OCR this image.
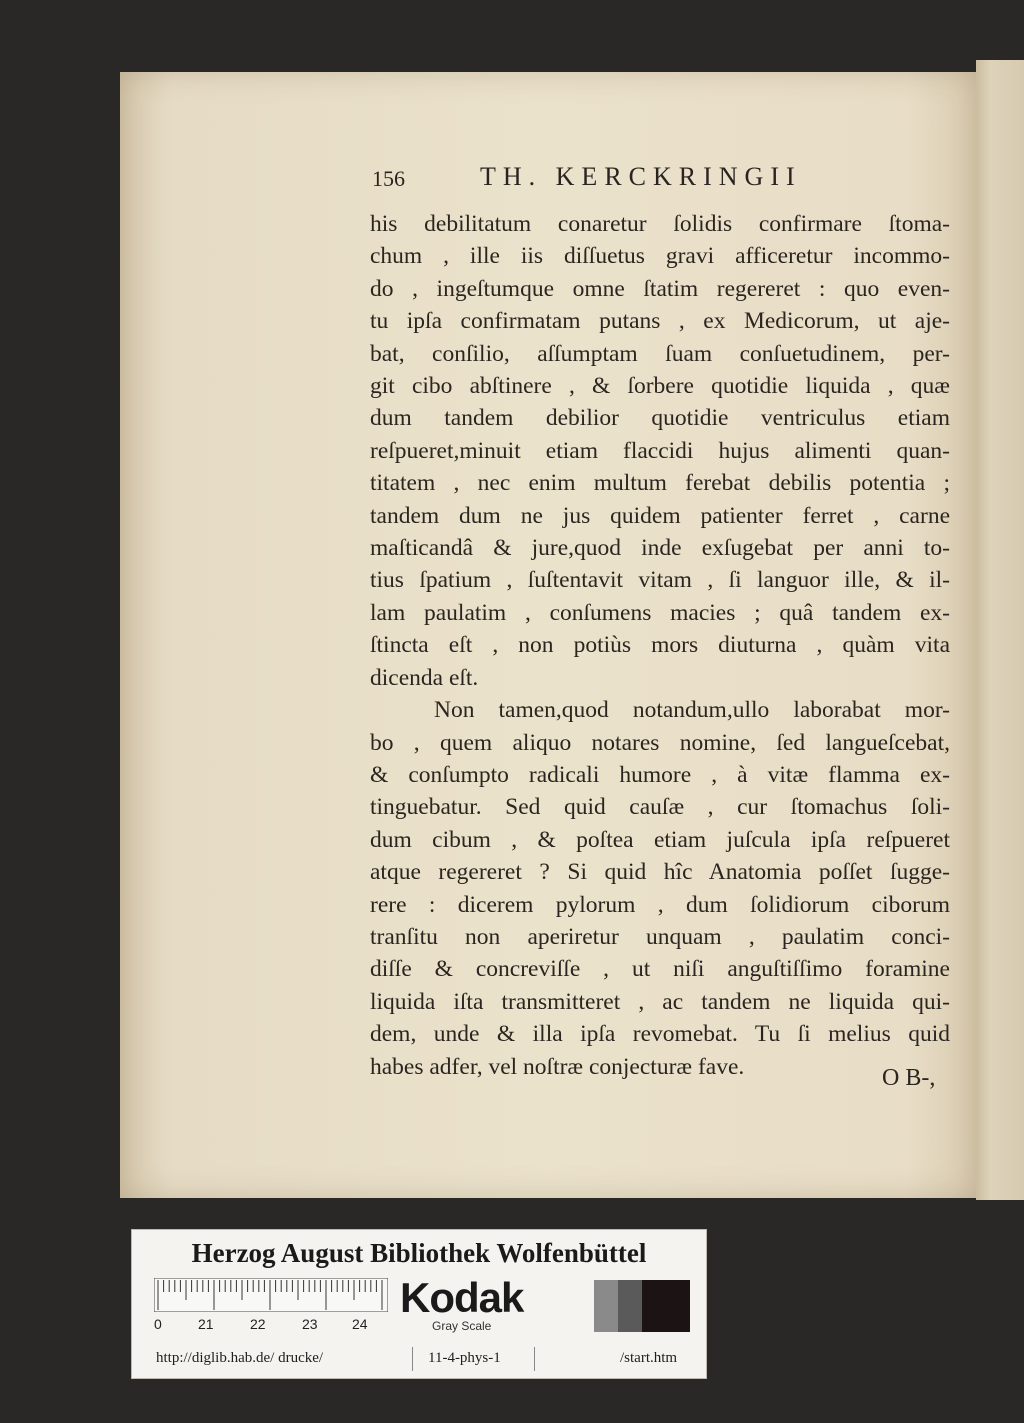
156	TH. KERCKRINGII
his debilitatum conaretur ſolidis confirmare ſtoma-
chum , ille iis diſſuetus gravi afficeretur incommo-
do , ingeſtumque omne ſtatim regereret : quo even-
tu ipſa confirmatam putans , ex Medicorum, ut aje-
bat, conſilio, aſſumptam ſuam conſuetudinem, per-
git cibo abſtinere , & ſorbere quotidie liquida , quæ
dum tandem debilior quotidie ventriculus etiam
reſpueret,minuit etiam flaccidi hujus alimenti quan-
titatem , nec enim multum ferebat debilis potentia ;
tandem dum ne jus quidem patienter ferret , carne
maſticandâ & jure,quod inde exſugebat per anni to-
tius ſpatium , ſuſtentavit vitam , ſi languor ille, & il-
lam paulatim , conſumens macies ; quâ tandem ex-
ſtincta eſt , non potiùs mors diuturna , quàm vita
dicenda eſt.
Non tamen,quod notandum,ullo laborabat mor-
bo , quem aliquo notares nomine, ſed langueſcebat,
& conſumpto radicali humore , à vitæ flamma ex-
tinguebatur. Sed quid cauſæ , cur ſtomachus ſoli-
dum cibum , & poſtea etiam juſcula ipſa reſpueret
atque regereret ? Si quid hîc Anatomia poſſet ſugge-
rere : dicerem pylorum , dum ſolidiorum ciborum
tranſitu non aperiretur unquam , paulatim conci-
diſſe & concreviſſe , ut niſi anguſtiſſimo foramine
liquida iſta transmitteret , ac tandem ne liquida qui-
dem, unde & illa ipſa revomebat. Tu ſi melius quid
habes adfer, vel noſtræ conjecturæ fave.	O B-,
Herzog August Bibliothek Wolfenbüttel
0	21	22	23 24
Kodak
Gray Scale
http://diglib.hab.de/ drucke/	11-4-phys-1	/start.htm
